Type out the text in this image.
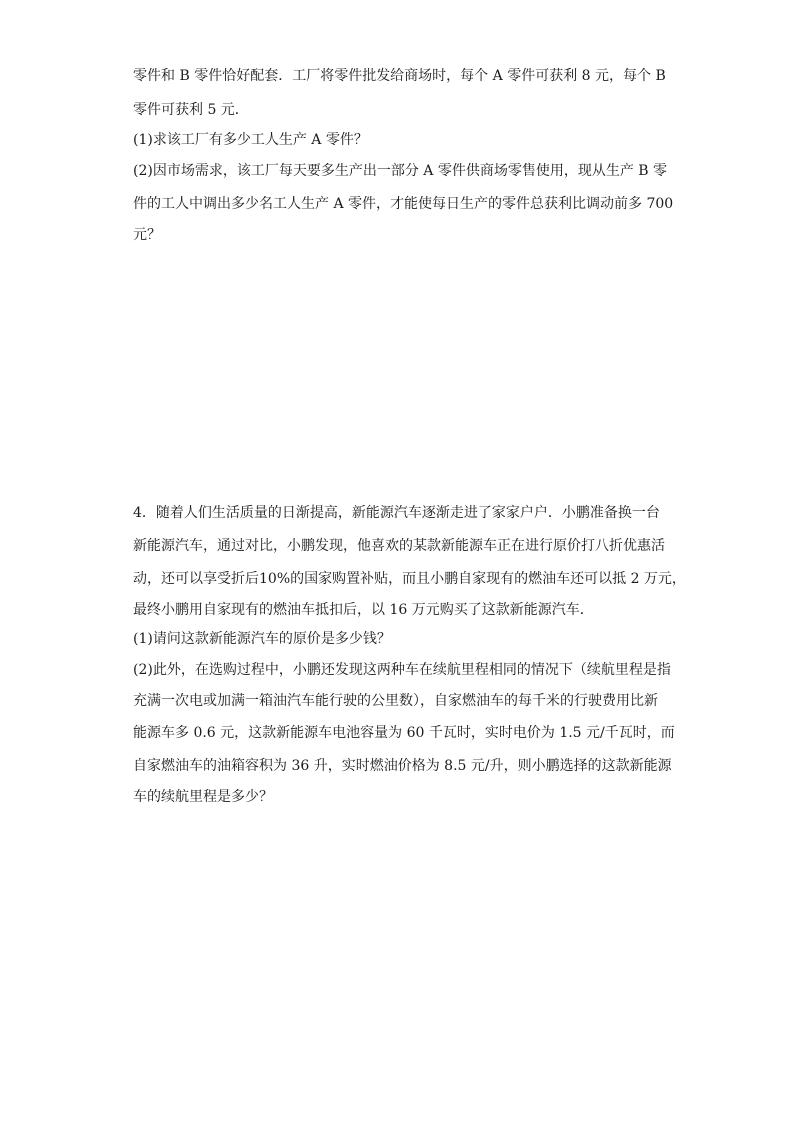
零件和 B 零件恰好配套．工厂将零件批发给商场时，每个 A 零件可获利 8 元，每个 B
零件可获利 5 元．
(1)求该工厂有多少工人生产 A 零件？
(2)因市场需求，该工厂每天要多生产出一部分 A 零件供商场零售使用，现从生产 B 零
件的工人中调出多少名工人生产 A 零件，才能使每日生产的零件总获利比调动前多 700
元？
4．随着人们生活质量的日渐提高，新能源汽车逐渐走进了家家户户．小鹏准备换一台
新能源汽车，通过对比，小鹏发现，他喜欢的某款新能源车正在进行原价打八折优惠活
动，还可以享受折后10%的国家购置补贴，而且小鹏自家现有的燃油车还可以抵 2 万元，
最终小鹏用自家现有的燃油车抵扣后，以 16 万元购买了这款新能源汽车．
(1)请问这款新能源汽车的原价是多少钱？
(2)此外，在选购过程中，小鹏还发现这两种车在续航里程相同的情况下（续航里程是指
充满一次电或加满一箱油汽车能行驶的公里数），自家燃油车的每千米的行驶费用比新
能源车多 0.6 元，这款新能源车电池容量为 60 千瓦时，实时电价为 1.5 元/千瓦时，而
自家燃油车的油箱容积为 36 升，实时燃油价格为 8.5 元/升，则小鹏选择的这款新能源
车的续航里程是多少？
